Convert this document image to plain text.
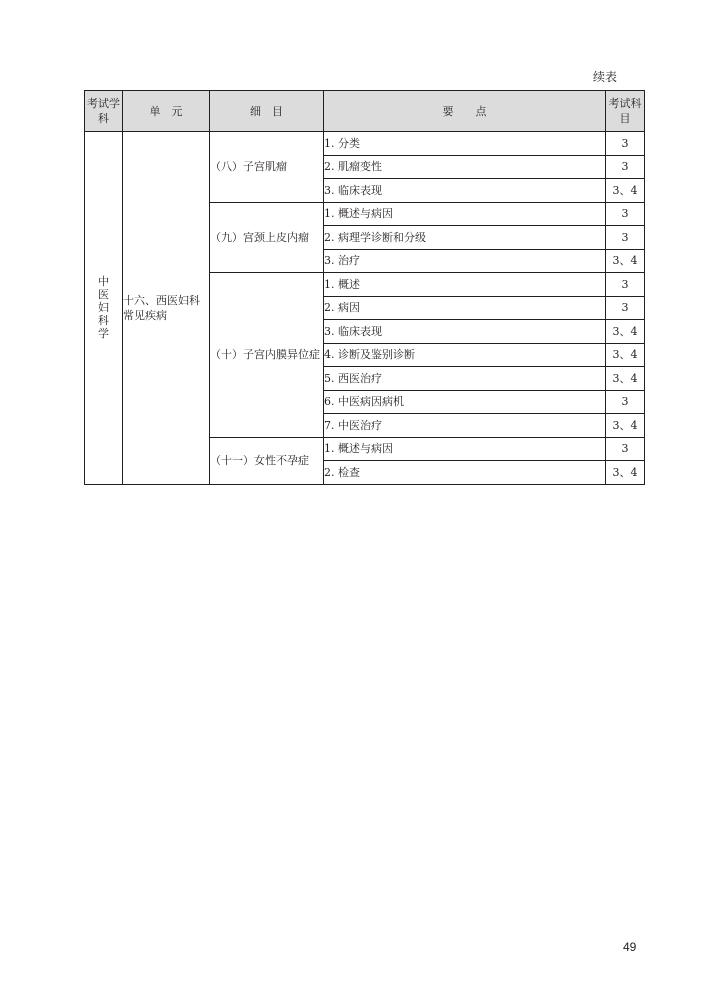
续表
考试学科	单　元	细　目	要　　点	考试科目
中医妇科学	十六、西医妇科常见疾病	（八）子宫肌瘤	1. 分类	3
			2. 肌瘤变性	3
			3. 临床表现	3、4
		（九）宫颈上皮内瘤	1. 概述与病因	3
			2. 病理学诊断和分级	3
			3. 治疗	3、4
		（十）子宫内膜异位症	1. 概述	3
			2. 病因	3
			3. 临床表现	3、4
			4. 诊断及鉴别诊断	3、4
			5. 西医治疗	3、4
			6. 中医病因病机	3
			7. 中医治疗	3、4
		（十一）女性不孕症	1. 概述与病因	3
			2. 检查	3、4
49
